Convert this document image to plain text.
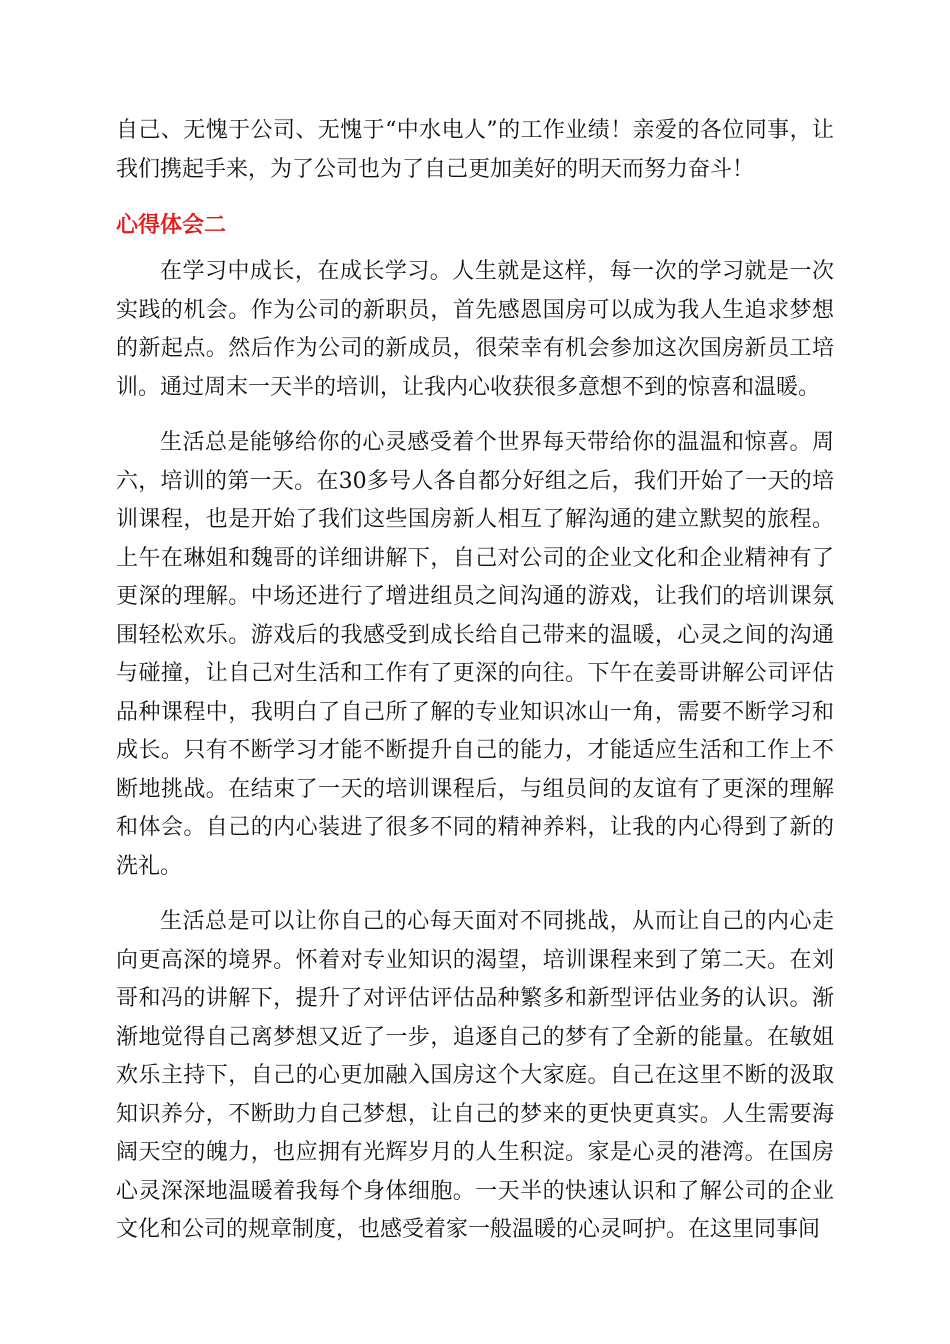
自己、无愧于公司、无愧于“中水电人”的工作业绩！亲爱的各位同事，让我们携起手来，为了公司也为了自己更加美好的明天而努力奋斗！

心得体会二

在学习中成长，在成长学习。人生就是这样，每一次的学习就是一次实践的机会。作为公司的新职员，首先感恩国房可以成为我人生追求梦想的新起点。然后作为公司的新成员，很荣幸有机会参加这次国房新员工培训。通过周末一天半的培训，让我内心收获很多意想不到的惊喜和温暖。

生活总是能够给你的心灵感受着个世界每天带给你的温温和惊喜。周六，培训的第一天。在30多号人各自都分好组之后，我们开始了一天的培训课程，也是开始了我们这些国房新人相互了解沟通的建立默契的旅程。上午在琳姐和魏哥的详细讲解下，自己对公司的企业文化和企业精神有了更深的理解。中场还进行了增进组员之间沟通的游戏，让我们的培训课氛围轻松欢乐。游戏后的我感受到成长给自己带来的温暖，心灵之间的沟通与碰撞，让自己对生活和工作有了更深的向往。下午在姜哥讲解公司评估品种课程中，我明白了自己所了解的专业知识冰山一角，需要不断学习和成长。只有不断学习才能不断提升自己的能力，才能适应生活和工作上不断地挑战。在结束了一天的培训课程后，与组员间的友谊有了更深的理解和体会。自己的内心装进了很多不同的精神养料，让我的内心得到了新的洗礼。

生活总是可以让你自己的心每天面对不同挑战，从而让自己的内心走向更高深的境界。怀着对专业知识的渴望，培训课程来到了第二天。在刘哥和冯的讲解下，提升了对评估评估品种繁多和新型评估业务的认识。渐渐地觉得自己离梦想又近了一步，追逐自己的梦有了全新的能量。在敏姐欢乐主持下，自己的心更加融入国房这个大家庭。自己在这里不断的汲取知识养分，不断助力自己梦想，让自己的梦来的更快更真实。人生需要海阔天空的魄力，也应拥有光辉岁月的人生积淀。家是心灵的港湾。在国房心灵深深地温暖着我每个身体细胞。一天半的快速认识和了解公司的企业文化和公司的规章制度，也感受着家一般温暖的心灵呵护。在这里同事间
